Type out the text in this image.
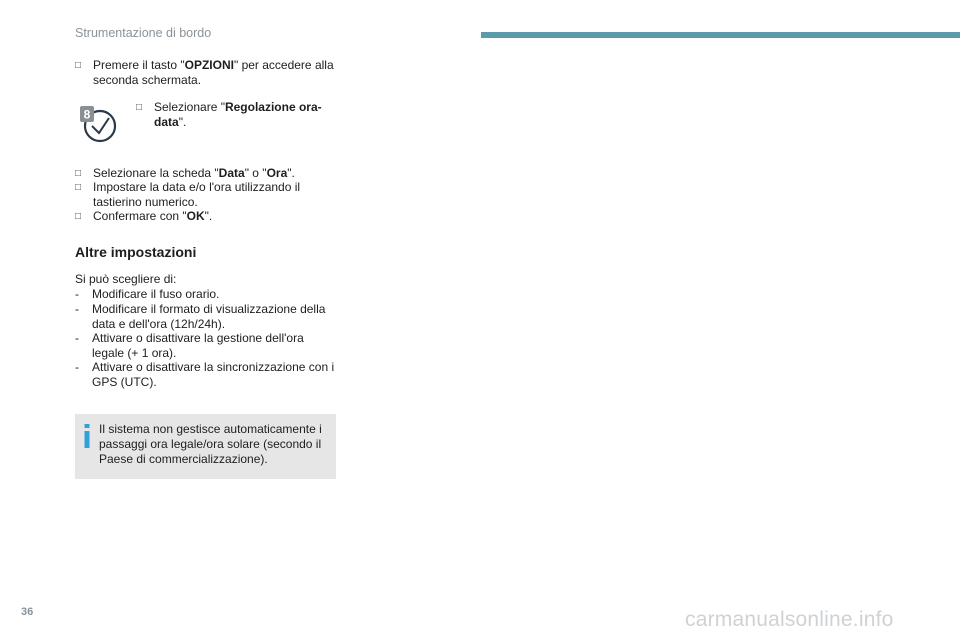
Strumentazione di bordo
□ Premere il tasto "OPZIONI" per accedere alla seconda schermata.
8	□ Selezionare "Regolazione ora-data".
□ Selezionare la scheda "Data" o "Ora".
□ Impostare la data e/o l'ora utilizzando il tastierino numerico.
□ Confermare con "OK".
Altre impostazioni
Si può scegliere di:
-	Modificare il fuso orario.
-	Modificare il formato di visualizzazione della data e dell'ora (12h/24h).
-	Attivare o disattivare la gestione dell'ora legale (+ 1 ora).
-	Attivare o disattivare la sincronizzazione con i GPS (UTC).
Il sistema non gestisce automaticamente i passaggi ora legale/ora solare (secondo il Paese di commercializzazione).
36	carmanualsonline.info
